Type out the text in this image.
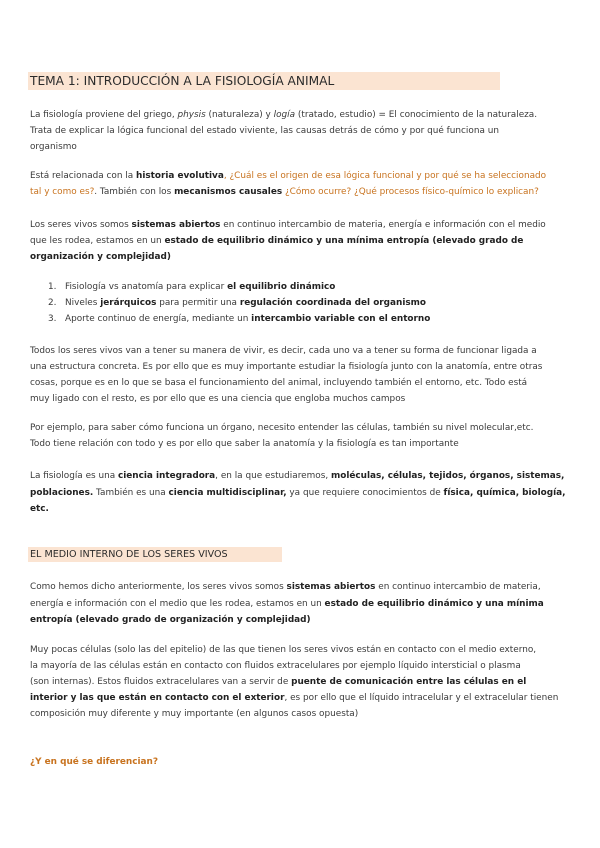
TEMA 1: INTRODUCCIÓN A LA FISIOLOGÍA ANIMAL
La fisiología proviene del griego, physis (naturaleza) y logía (tratado, estudio) = El conocimiento de la naturaleza.
Trata de explicar la lógica funcional del estado viviente, las causas detrás de cómo y por qué funciona un
organismo
Está relacionada con la historia evolutiva, ¿Cuál es el origen de esa lógica funcional y por qué se ha seleccionado
tal y como es?. También con los mecanismos causales ¿Cómo ocurre? ¿Qué procesos físico-químico lo explican?
Los seres vivos somos sistemas abiertos en continuo intercambio de materia, energía e información con el medio
que les rodea, estamos en un estado de equilibrio dinámico y una mínima entropía (elevado grado de
organización y complejidad)
1. Fisiología vs anatomía para explicar el equilibrio dinámico
2. Niveles jerárquicos para permitir una regulación coordinada del organismo
3. Aporte continuo de energía, mediante un intercambio variable con el entorno
Todos los seres vivos van a tener su manera de vivir, es decir, cada uno va a tener su forma de funcionar ligada a
una estructura concreta. Es por ello que es muy importante estudiar la fisiología junto con la anatomía, entre otras
cosas, porque es en lo que se basa el funcionamiento del animal, incluyendo también el entorno, etc. Todo está
muy ligado con el resto, es por ello que es una ciencia que engloba muchos campos
Por ejemplo, para saber cómo funciona un órgano, necesito entender las células, también su nivel molecular,etc.
Todo tiene relación con todo y es por ello que saber la anatomía y la fisiología es tan importante
La fisiología es una ciencia integradora, en la que estudiaremos, moléculas, células, tejidos, órganos, sistemas,
poblaciones. También es una ciencia multidisciplinar, ya que requiere conocimientos de física, química, biología,
etc.
EL MEDIO INTERNO DE LOS SERES VIVOS
Como hemos dicho anteriormente, los seres vivos somos sistemas abiertos en continuo intercambio de materia,
energía e información con el medio que les rodea, estamos en un estado de equilibrio dinámico y una mínima
entropía (elevado grado de organización y complejidad)
Muy pocas células (solo las del epitelio) de las que tienen los seres vivos están en contacto con el medio externo,
la mayoría de las células están en contacto con fluidos extracelulares por ejemplo líquido intersticial o plasma
(son internas). Estos fluidos extracelulares van a servir de puente de comunicación entre las células en el
interior y las que están en contacto con el exterior, es por ello que el líquido intracelular y el extracelular tienen
composición muy diferente y muy importante (en algunos casos opuesta)
¿Y en qué se diferencian?
